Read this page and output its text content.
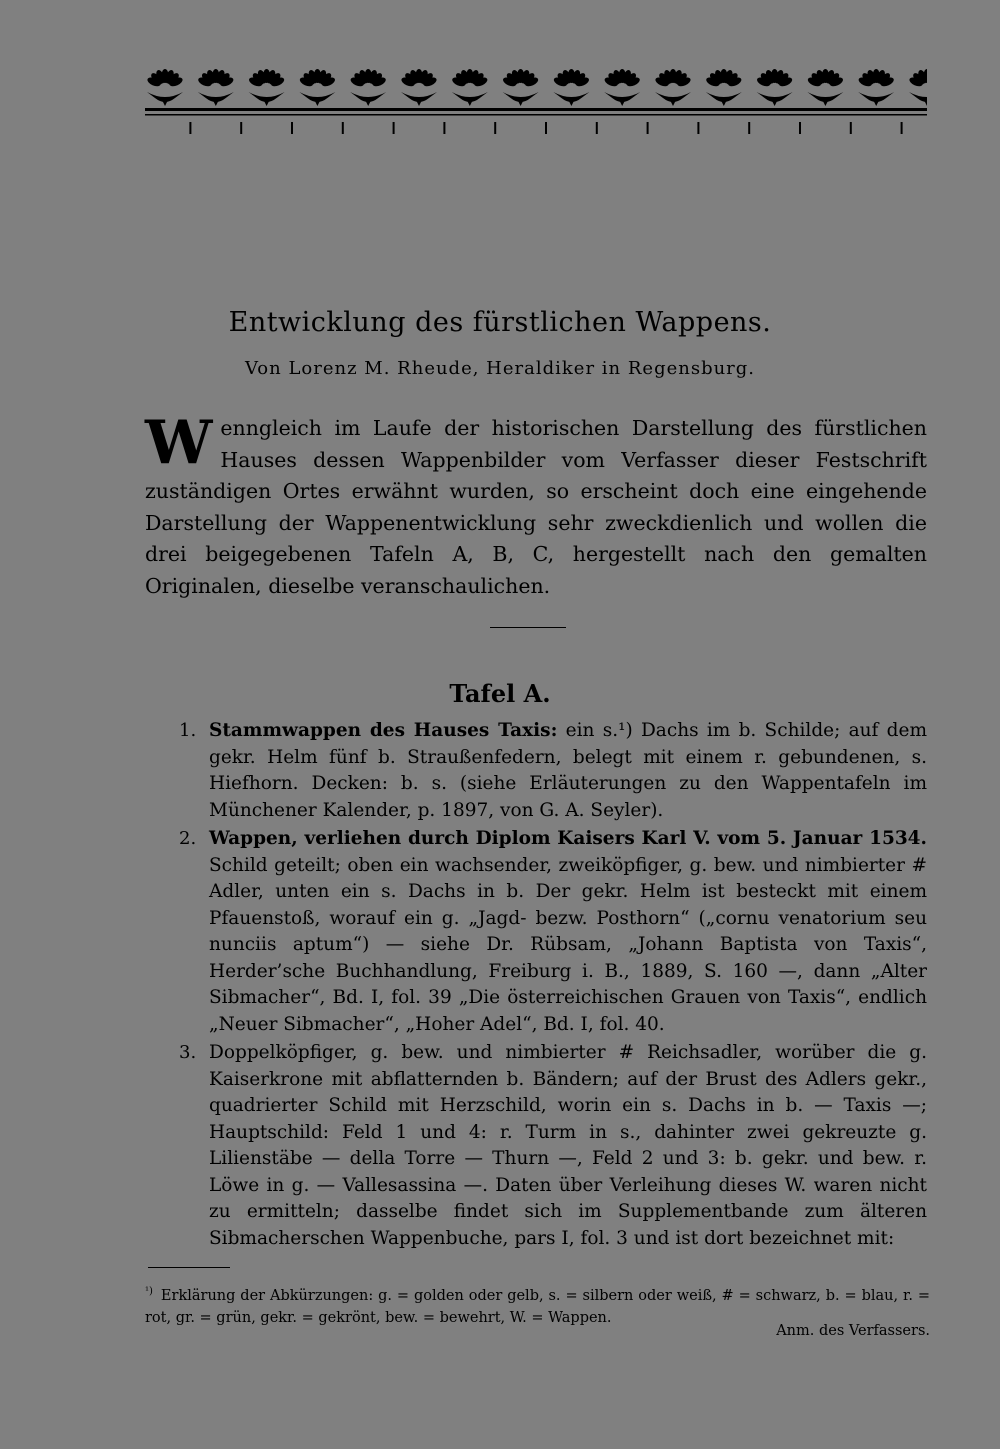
Entwicklung des fürstlichen Wappens.
Von Lorenz M. Rheude, Heraldiker in Regensburg.
Wenngleich im Laufe der historischen Darstellung des fürstlichen Hauses dessen Wappenbilder vom Verfasser dieser Festschrift zuständigen Ortes erwähnt wurden, so erscheint doch eine eingehende Darstellung der Wappenentwicklung sehr zweckdienlich und wollen die drei beigegebenen Tafeln A, B, C, hergestellt nach den gemalten Originalen, dieselbe veranschaulichen.
Tafel A.
1. Stammwappen des Hauses Taxis: ein s.¹) Dachs im b. Schilde; auf dem gekr. Helm fünf b. Straußenfedern, belegt mit einem r. gebundenen, s. Hiefhorn. Decken: b. s. (siehe Erläuterungen zu den Wappentafeln im Münchener Kalender, p. 1897, von G. A. Seyler).
2. Wappen, verliehen durch Diplom Kaisers Karl V. vom 5. Januar 1534. Schild geteilt; oben ein wachsender, zweiköpfiger, g. bew. und nimbierter # Adler, unten ein s. Dachs in b. Der gekr. Helm ist besteckt mit einem Pfauenstoß, worauf ein g. „Jagd- bezw. Posthorn“ („cornu venatorium seu nunciis aptum“) — siehe Dr. Rübsam, „Johann Baptista von Taxis“, Herder’sche Buchhandlung, Freiburg i. B., 1889, S. 160 —, dann „Alter Sibmacher“, Bd. I, fol. 39 „Die österreichischen Grauen von Taxis“, endlich „Neuer Sibmacher“, „Hoher Adel“, Bd. I, fol. 40.
3. Doppelköpfiger, g. bew. und nimbierter # Reichsadler, worüber die g. Kaiserkrone mit abflatternden b. Bändern; auf der Brust des Adlers gekr., quadrierter Schild mit Herzschild, worin ein s. Dachs in b. — Taxis —; Hauptschild: Feld 1 und 4: r. Turm in s., dahinter zwei gekreuzte g. Lilienstäbe — della Torre — Thurn —, Feld 2 und 3: b. gekr. und bew. r. Löwe in g. — Vallesassina —. Daten über Verleihung dieses W. waren nicht zu ermitteln; dasselbe findet sich im Supplementbande zum älteren Sibmacherschen Wappenbuche, pars I, fol. 3 und ist dort bezeichnet mit:
$^{^1)}$ Erklärung der Abkürzungen: g. = golden oder gelb, s. = silbern oder weiß, # = schwarz, b. = blau, r. = rot, gr. = grün, gekr. = gekrönt, bew. = bewehrt, W. = Wappen.
Anm. des Verfassers.
